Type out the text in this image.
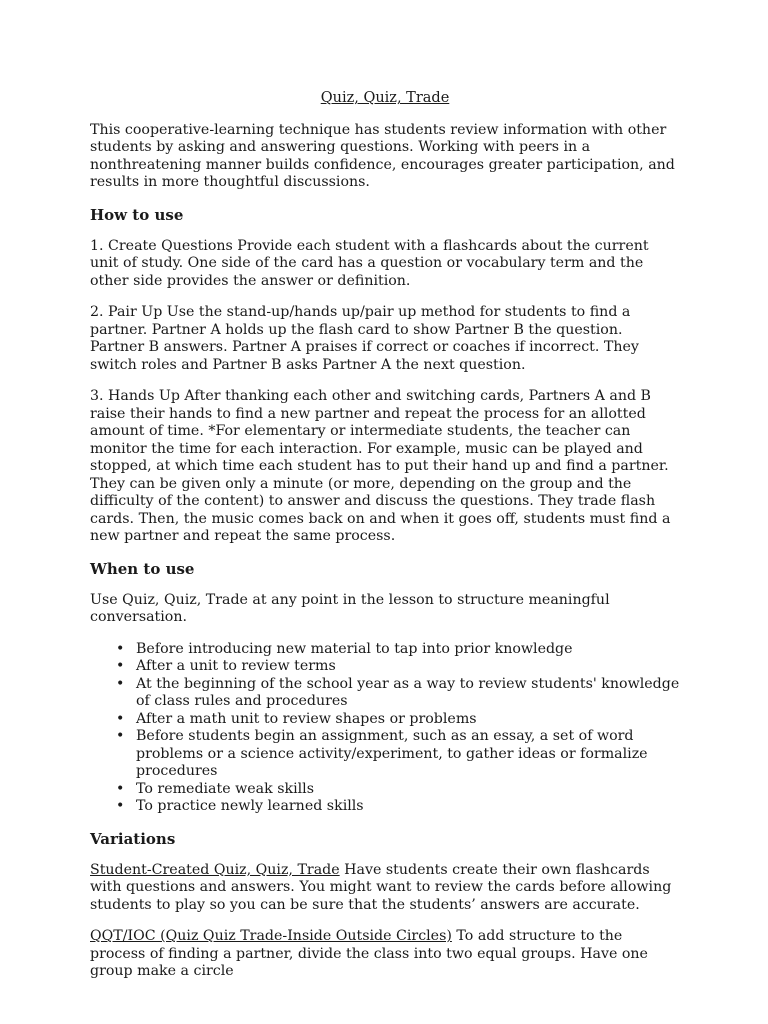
Quiz, Quiz, Trade

This cooperative-learning technique has students review information with other students by asking and answering questions. Working with peers in a nonthreatening manner builds confidence, encourages greater participation, and results in more thoughtful discussions.

How to use

1. Create Questions Provide each student with a flashcards about the current unit of study. One side of the card has a question or vocabulary term and the other side provides the answer or definition.

2. Pair Up Use the stand-up/hands up/pair up method for students to find a partner. Partner A holds up the flash card to show Partner B the question. Partner B answers. Partner A praises if correct or coaches if incorrect. They switch roles and Partner B asks Partner A the next question.

3. Hands Up After thanking each other and switching cards, Partners A and B raise their hands to find a new partner and repeat the process for an allotted amount of time. *For elementary or intermediate students, the teacher can monitor the time for each interaction. For example, music can be played and stopped, at which time each student has to put their hand up and find a partner. They can be given only a minute (or more, depending on the group and the difficulty of the content) to answer and discuss the questions. They trade flash cards. Then, the music comes back on and when it goes off, students must find a new partner and repeat the same process.

When to use

Use Quiz, Quiz, Trade at any point in the lesson to structure meaningful conversation.

• Before introducing new material to tap into prior knowledge
• After a unit to review terms
• At the beginning of the school year as a way to review students' knowledge of class rules and procedures
• After a math unit to review shapes or problems
• Before students begin an assignment, such as an essay, a set of word problems or a science activity/experiment, to gather ideas or formalize procedures
• To remediate weak skills
• To practice newly learned skills
Variations

Student-Created Quiz, Quiz, Trade Have students create their own flashcards with questions and answers. You might want to review the cards before allowing students to play so you can be sure that the students’ answers are accurate.

QQT/IOC (Quiz Quiz Trade-Inside Outside Circles) To add structure to the process of finding a partner, divide the class into two equal groups. Have one group make a circle
